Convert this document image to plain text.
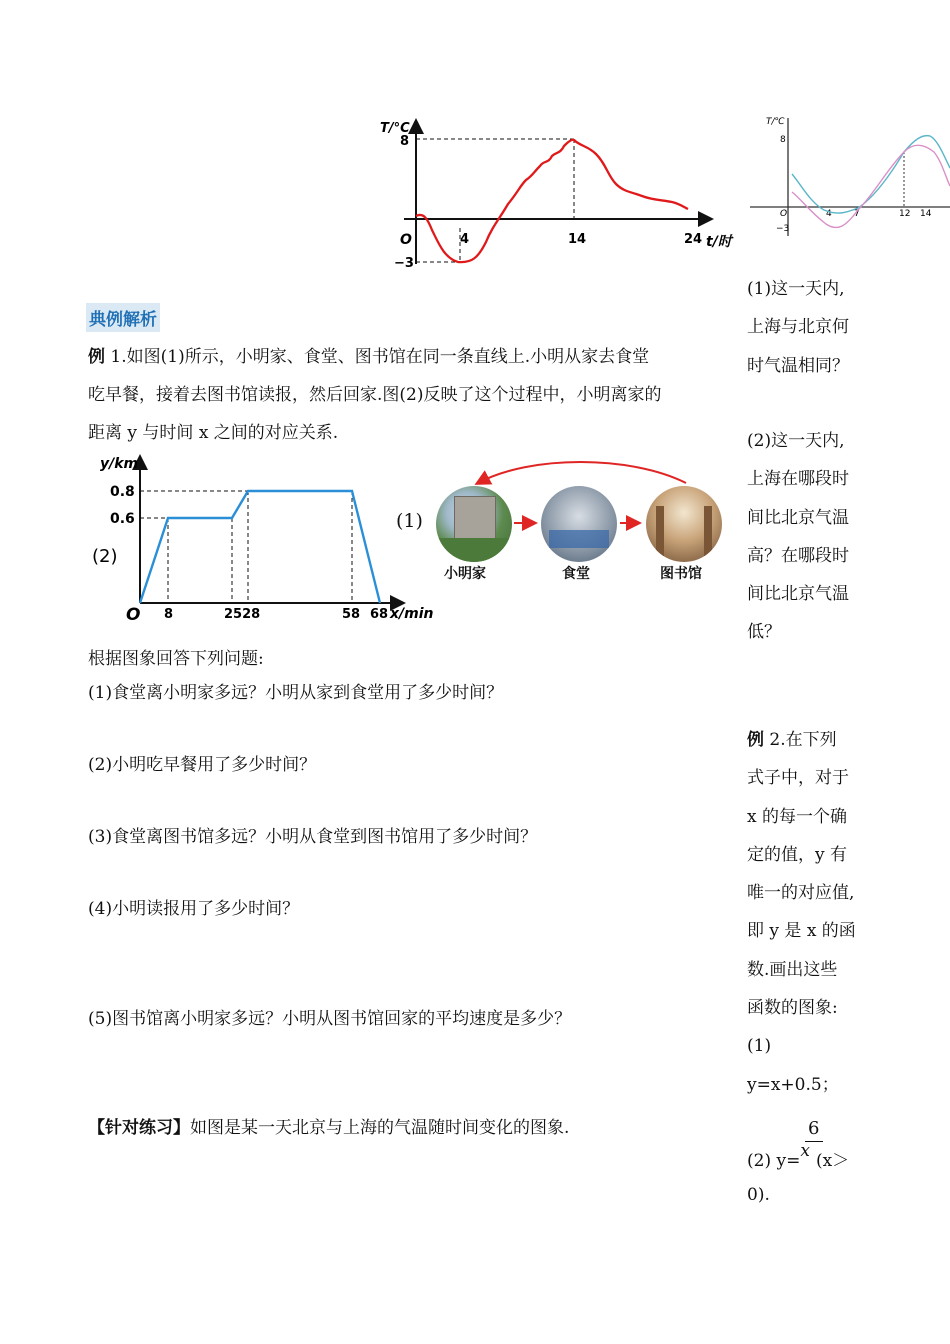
T/°C
8
−3
O	4	14	24 t/时
T/℃
8
−3
O	4 7	12 14
典例解析
例 1.如图(1)所示，小明家、食堂、图书馆在同一条直线上.小明从家去食堂
吃早餐，接着去图书馆读报，然后回家.图(2)反映了这个过程中，小明离家的
距离 y 与时间 x 之间的对应关系.
(2)
y/km
0.8
0.6
O 8	2528	58 68 x/min
(1)
小明家	食堂	图书馆
根据图象回答下列问题:
(1)食堂离小明家多远？小明从家到食堂用了多少时间？
(2)小明吃早餐用了多少时间？
(3)食堂离图书馆多远？小明从食堂到图书馆用了多少时间？
(4)小明读报用了多少时间？
(5)图书馆离小明家多远？小明从图书馆回家的平均速度是多少？
【针对练习】如图是某一天北京与上海的气温随时间变化的图象.
(1)这一天内,
上海与北京何
时气温相同？
(2)这一天内,
上海在哪段时
间比北京气温
高？在哪段时
间比北京气温
低？
例 2.在下列
式子中，对于
x 的每一个确
定的值，y 有
唯一的对应值,
即 y 是 x 的函
数.画出这些
函数的图象:
(1)
y=x+0.5；
6
(2) y=x (x＞
0).
